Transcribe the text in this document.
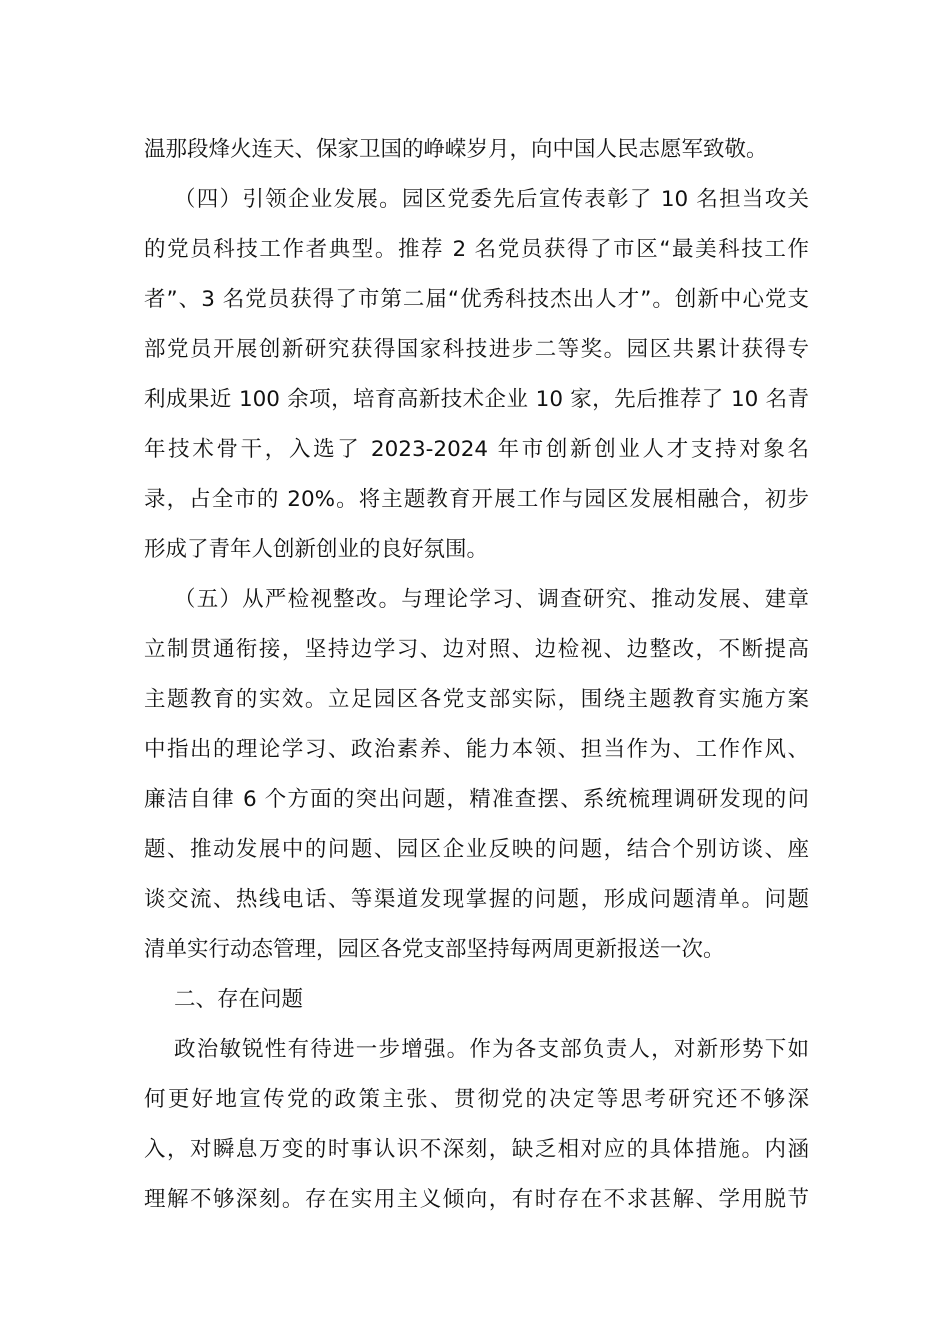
温那段烽火连天、保家卫国的峥嵘岁月，向中国人民志愿军致敬。
（四）引领企业发展。园区党委先后宣传表彰了 10 名担当攻关
的党员科技工作者典型。推荐 2 名党员获得了市区“最美科技工作
者”、3 名党员获得了市第二届“优秀科技杰出人才”。创新中心党支
部党员开展创新研究获得国家科技进步二等奖。园区共累计获得专
利成果近 100 余项，培育高新技术企业 10 家，先后推荐了 10 名青
年技术骨干，入选了 2023-2024 年市创新创业人才支持对象名
录，占全市的 20%。将主题教育开展工作与园区发展相融合，初步
形成了青年人创新创业的良好氛围。
（五）从严检视整改。与理论学习、调查研究、推动发展、建章
立制贯通衔接，坚持边学习、边对照、边检视、边整改，不断提高
主题教育的实效。立足园区各党支部实际，围绕主题教育实施方案
中指出的理论学习、政治素养、能力本领、担当作为、工作作风、
廉洁自律 6 个方面的突出问题，精准查摆、系统梳理调研发现的问
题、推动发展中的问题、园区企业反映的问题，结合个别访谈、座
谈交流、热线电话、等渠道发现掌握的问题，形成问题清单。问题
清单实行动态管理，园区各党支部坚持每两周更新报送一次。
二、存在问题
政治敏锐性有待进一步增强。作为各支部负责人，对新形势下如
何更好地宣传党的政策主张、贯彻党的决定等思考研究还不够深
入，对瞬息万变的时事认识不深刻，缺乏相对应的具体措施。内涵
理解不够深刻。存在实用主义倾向，有时存在不求甚解、学用脱节
